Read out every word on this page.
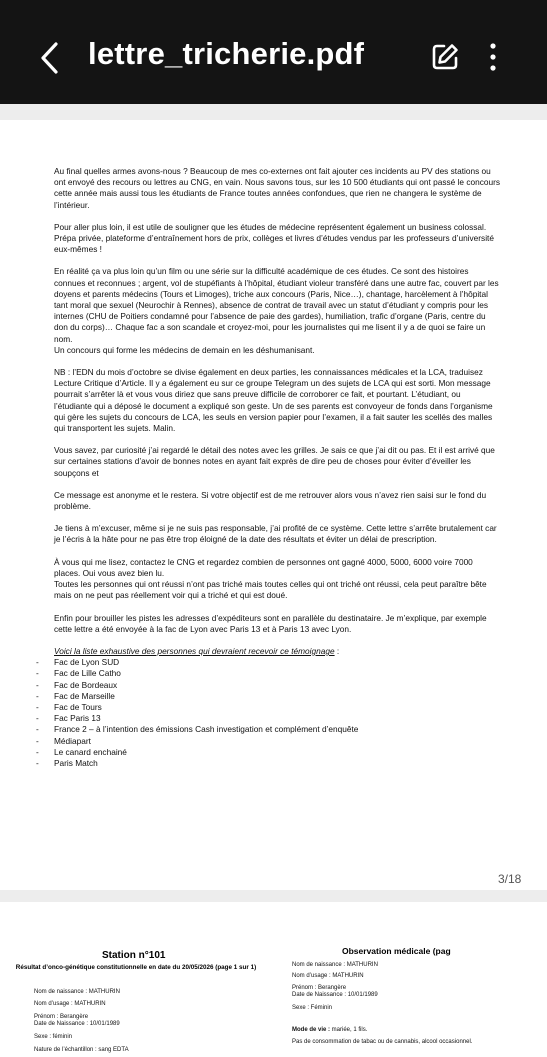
lettre_tricherie.pdf

Au final quelles armes avons-nous ? Beaucoup de mes co-externes ont fait ajouter ces incidents au PV des stations ou ont envoyé des recours ou lettres au CNG, en vain. Nous savons tous, sur les 10 500 étudiants qui ont passé le concours cette année mais aussi tous les étudiants de France toutes années confondues, que rien ne changera le système de l’intérieur.

Pour aller plus loin, il est utile de souligner que les études de médecine représentent également un business colossal. Prépa privée, plateforme d’entraînement hors de prix, collèges et livres d’études vendus par les professeurs d’université eux-mêmes !

En réalité ça va plus loin qu’un film ou une série sur la difficulté académique de ces études. Ce sont des histoires connues et reconnues ; argent, vol de stupéfiants à l’hôpital, étudiant violeur transféré dans une autre fac, couvert par les doyens et parents médecins (Tours et Limoges), triche aux concours (Paris, Nice…), chantage, harcèlement à l’hôpital tant moral que sexuel (Neurochir à Rennes), absence de contrat de travail avec un statut d’étudiant y compris pour les internes (CHU de Poitiers condamné pour l’absence de paie des gardes), humiliation, trafic d’organe (Paris, centre du don du corps)… Chaque fac a son scandale et croyez-moi, pour les journalistes qui me lisent il y a de quoi se faire un nom.
Un concours qui forme les médecins de demain en les déshumanisant.

NB : l’EDN du mois d’octobre se divise également en deux parties, les connaissances médicales et la LCA, traduisez Lecture Critique d’Article. Il y a également eu sur ce groupe Telegram un des sujets de LCA qui est sorti. Mon message pourrait s’arrêter là et vous vous diriez que sans preuve difficile de corroborer ce fait, et pourtant. L’étudiant, ou l’étudiante qui a déposé le document a expliqué son geste. Un de ses parents est convoyeur de fonds dans l’organisme qui gère les sujets du concours de LCA, les seuls en version papier pour l’examen, il a fait sauter les scellés des malles qui transportent les sujets. Malin.

Vous savez, par curiosité j’ai regardé le détail des notes avec les grilles. Je sais ce que j’ai dit ou pas. Et il est arrivé que sur certaines stations d’avoir de bonnes notes en ayant fait exprès de dire peu de choses pour éviter d’éveiller les soupçons et

Ce message est anonyme et le restera. Si votre objectif est de me retrouver alors vous n’avez rien saisi sur le fond du problème.

Je tiens à m’excuser, même si je ne suis pas responsable, j’ai profité de ce système. Cette lettre s’arrête brutalement car je l’écris à la hâte pour ne pas être trop éloigné de la date des résultats et éviter un délai de prescription.

À vous qui me lisez, contactez le CNG et regardez combien de personnes ont gagné 4000, 5000, 6000 voire 7000 places. Oui vous avez bien lu.
Toutes les personnes qui ont réussi n’ont pas triché mais toutes celles qui ont triché ont réussi, cela peut paraître bête mais on ne peut pas réellement voir qui a triché et qui est doué.

Enfin pour brouiller les pistes les adresses d’expéditeurs sont en parallèle du destinataire. Je m’explique, par exemple cette lettre a été envoyée à la fac de Lyon avec Paris 13 et à Paris 13 avec Lyon.

Voici la liste exhaustive des personnes qui devraient recevoir ce témoignage :
- Fac de Lyon SUD
- Fac de Lille Catho
- Fac de Bordeaux
- Fac de Marseille
- Fac de Tours
- Fac Paris 13
- France 2 – à l’intention des émissions Cash investigation et complément d’enquête
- Médiapart
- Le canard enchainé
- Paris Match
3/18
Station n°101
Résultat d’onco-génétique constitutionnelle en date du 20/05/2026 (page 1 sur 1)
Nom de naissance : MATHURIN
Nom d’usage : MATHURIN
Prénom : Berangère
Date de Naissance : 10/01/1989
Sexe : féminin
Nature de l’échantillon : sang EDTA
Observation médicale (pag
Nom de naissance : MATHURIN
Nom d’usage : MATHURIN
Prénom : Berangère
Date de Naissance : 10/01/1989
Sexe : Féminin
Mode de vie : mariée, 1 fils.
Pas de consommation de tabac ou de cannabis, alcool occasionnel.
